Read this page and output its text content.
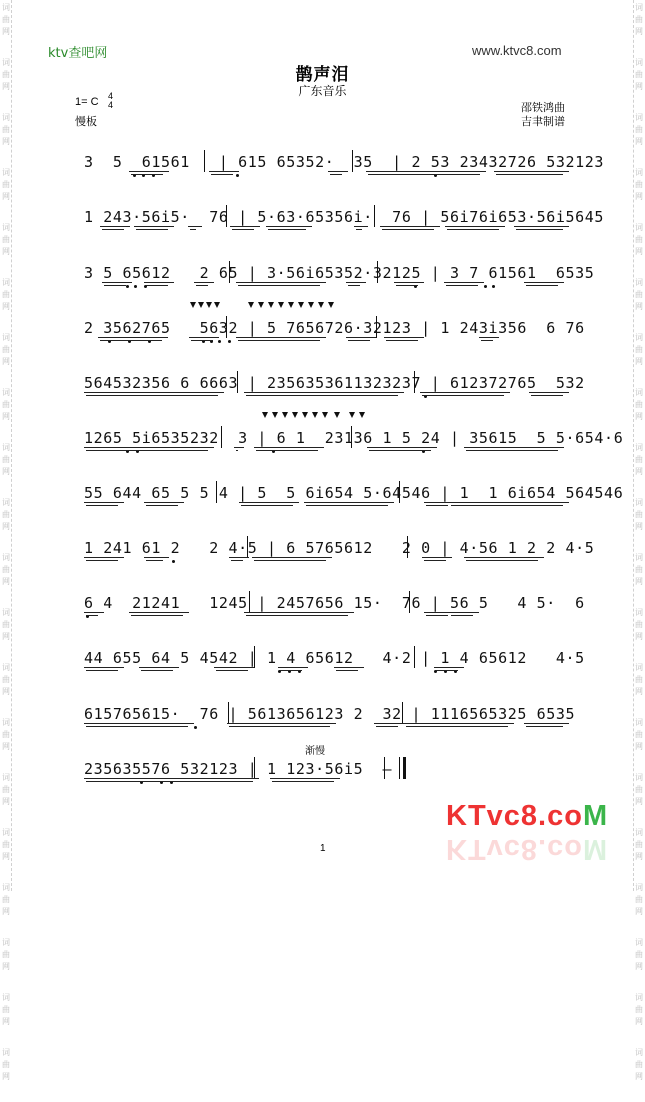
词
曲
网
词
曲
网
词
曲
网
词
曲
网
词
曲
网
词
曲
网
词
曲
网
词
曲
网
词
曲
网
词
曲
网
词
曲
网
词
曲
网
词
曲
网
词
曲
网
词
曲
网
词
曲
网
词
曲
网
词
曲
网
词
曲
网
词
曲
网
词
曲
网
词
曲
网
词
曲
网
词
曲
网
词
曲
网
词
曲
网
词
曲
网
词
曲
网
词
曲
网
词
曲
网
词
曲
网
词
曲
网
词
曲
网
词
曲
网
词
曲
网
词
曲
网
词
曲
网
词
曲
网
词
曲
网
词
曲
网
ktv查吧网	www.ktvc8.com
鹊声泪
广东音乐
1= C 4
4
慢板
邵铁鸿曲
吉聿制谱
3  5  61561   | 615 65352·  35  | 2 53 23432726 532123
1 243·56i5·  76 | 5·63·65356i·  76 | 56i76i653·56i5645
3 5 65612   2 65 | 3·56i65352·32125 | 3 7 61561  6535
2 3562765   5632 | 5 7656726·32123 | 1 243i356  6 76
564532356 6 6663 | 2356353611323237 | 612372765  532
1265 5i6535232  3 | 6 1  23136 1 5 24 | 35615  5 5·654·6
55 644 65 5 5 4 | 5  5 6i654 5·64546 | 1  1 6i654 564546
1 241 61 2   2 4·5 | 6 5765612   2 0 | 4·56 1 2 2 4·5
6 4  21241   1245 | 2457656 15·  76 | 56 5   4 5·  6
44 655 64 5 4542 | 1 4 65612   4·2 | 1 4 65612   4·5
615765615·  76 | 5613656123 2  32 | 1116565325 6535
235635576 532123 | 1 123·56i5  —
渐慢
KTvc8.coM
KTvc8.coM
1
